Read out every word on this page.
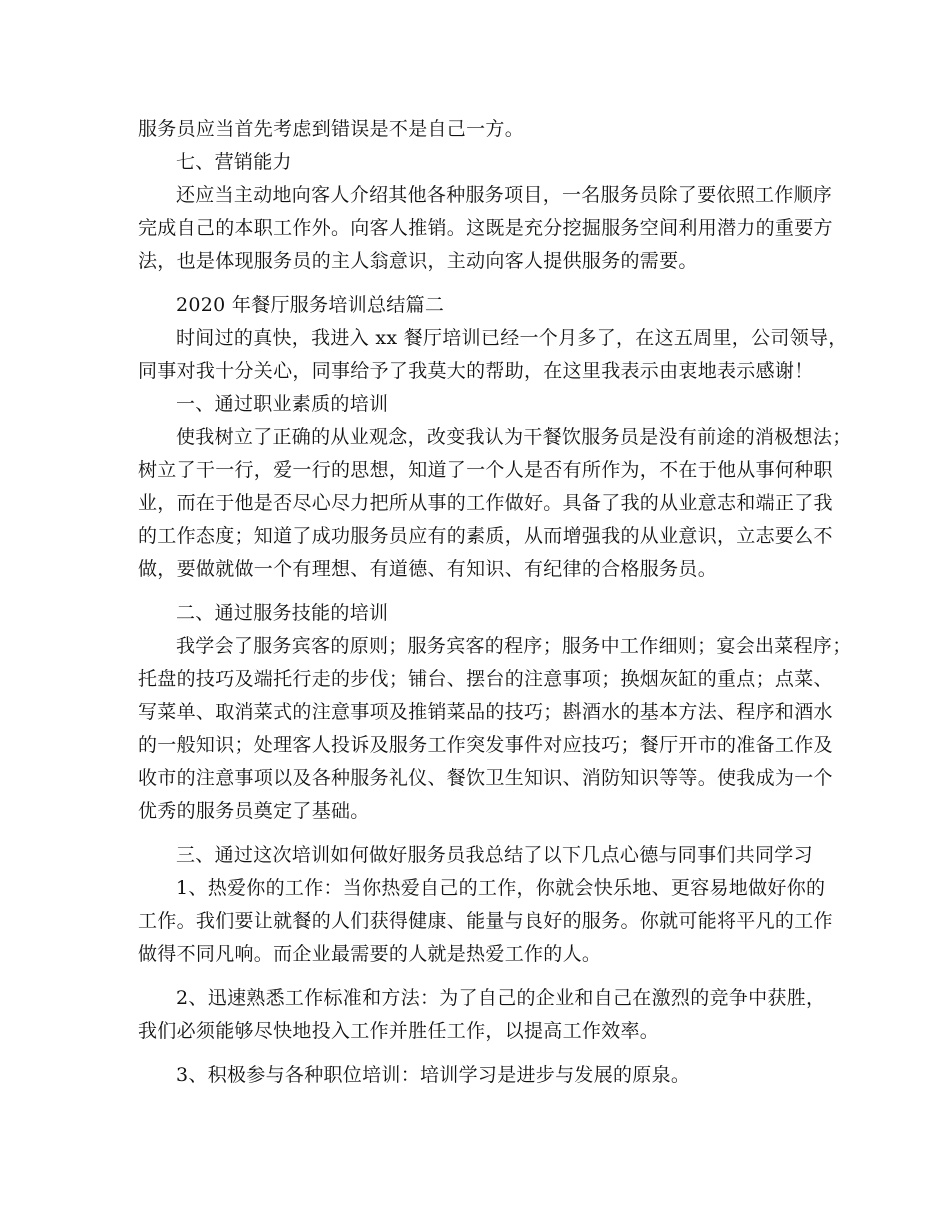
服务员应当首先考虑到错误是不是自己一方。
七、营销能力
还应当主动地向客人介绍其他各种服务项目，一名服务员除了要依照工作顺序
完成自己的本职工作外。向客人推销。这既是充分挖掘服务空间利用潜力的重要方
法，也是体现服务员的主人翁意识，主动向客人提供服务的需要。
2020 年餐厅服务培训总结篇二
时间过的真快，我进入 xx 餐厅培训已经一个月多了，在这五周里，公司领导，
同事对我十分关心，同事给予了我莫大的帮助，在这里我表示由衷地表示感谢！
一、通过职业素质的培训
使我树立了正确的从业观念，改变我认为干餐饮服务员是没有前途的消极想法；
树立了干一行，爱一行的思想，知道了一个人是否有所作为，不在于他从事何种职
业，而在于他是否尽心尽力把所从事的工作做好。具备了我的从业意志和端正了我
的工作态度；知道了成功服务员应有的素质，从而增强我的从业意识，立志要么不
做，要做就做一个有理想、有道德、有知识、有纪律的合格服务员。
二、通过服务技能的培训
我学会了服务宾客的原则；服务宾客的程序；服务中工作细则；宴会出菜程序；
托盘的技巧及端托行走的步伐；铺台、摆台的注意事项；换烟灰缸的重点；点菜、
写菜单、取消菜式的注意事项及推销菜品的技巧；斟酒水的基本方法、程序和酒水
的一般知识；处理客人投诉及服务工作突发事件对应技巧；餐厅开市的准备工作及
收市的注意事项以及各种服务礼仪、餐饮卫生知识、消防知识等等。使我成为一个
优秀的服务员奠定了基础。
三、通过这次培训如何做好服务员我总结了以下几点心德与同事们共同学习
1、热爱你的工作：当你热爱自己的工作，你就会快乐地、更容易地做好你的
工作。我们要让就餐的人们获得健康、能量与良好的服务。你就可能将平凡的工作
做得不同凡响。而企业最需要的人就是热爱工作的人。
2、迅速熟悉工作标准和方法：为了自己的企业和自己在激烈的竞争中获胜，
我们必须能够尽快地投入工作并胜任工作，以提高工作效率。
3、积极参与各种职位培训：培训学习是进步与发展的原泉。
